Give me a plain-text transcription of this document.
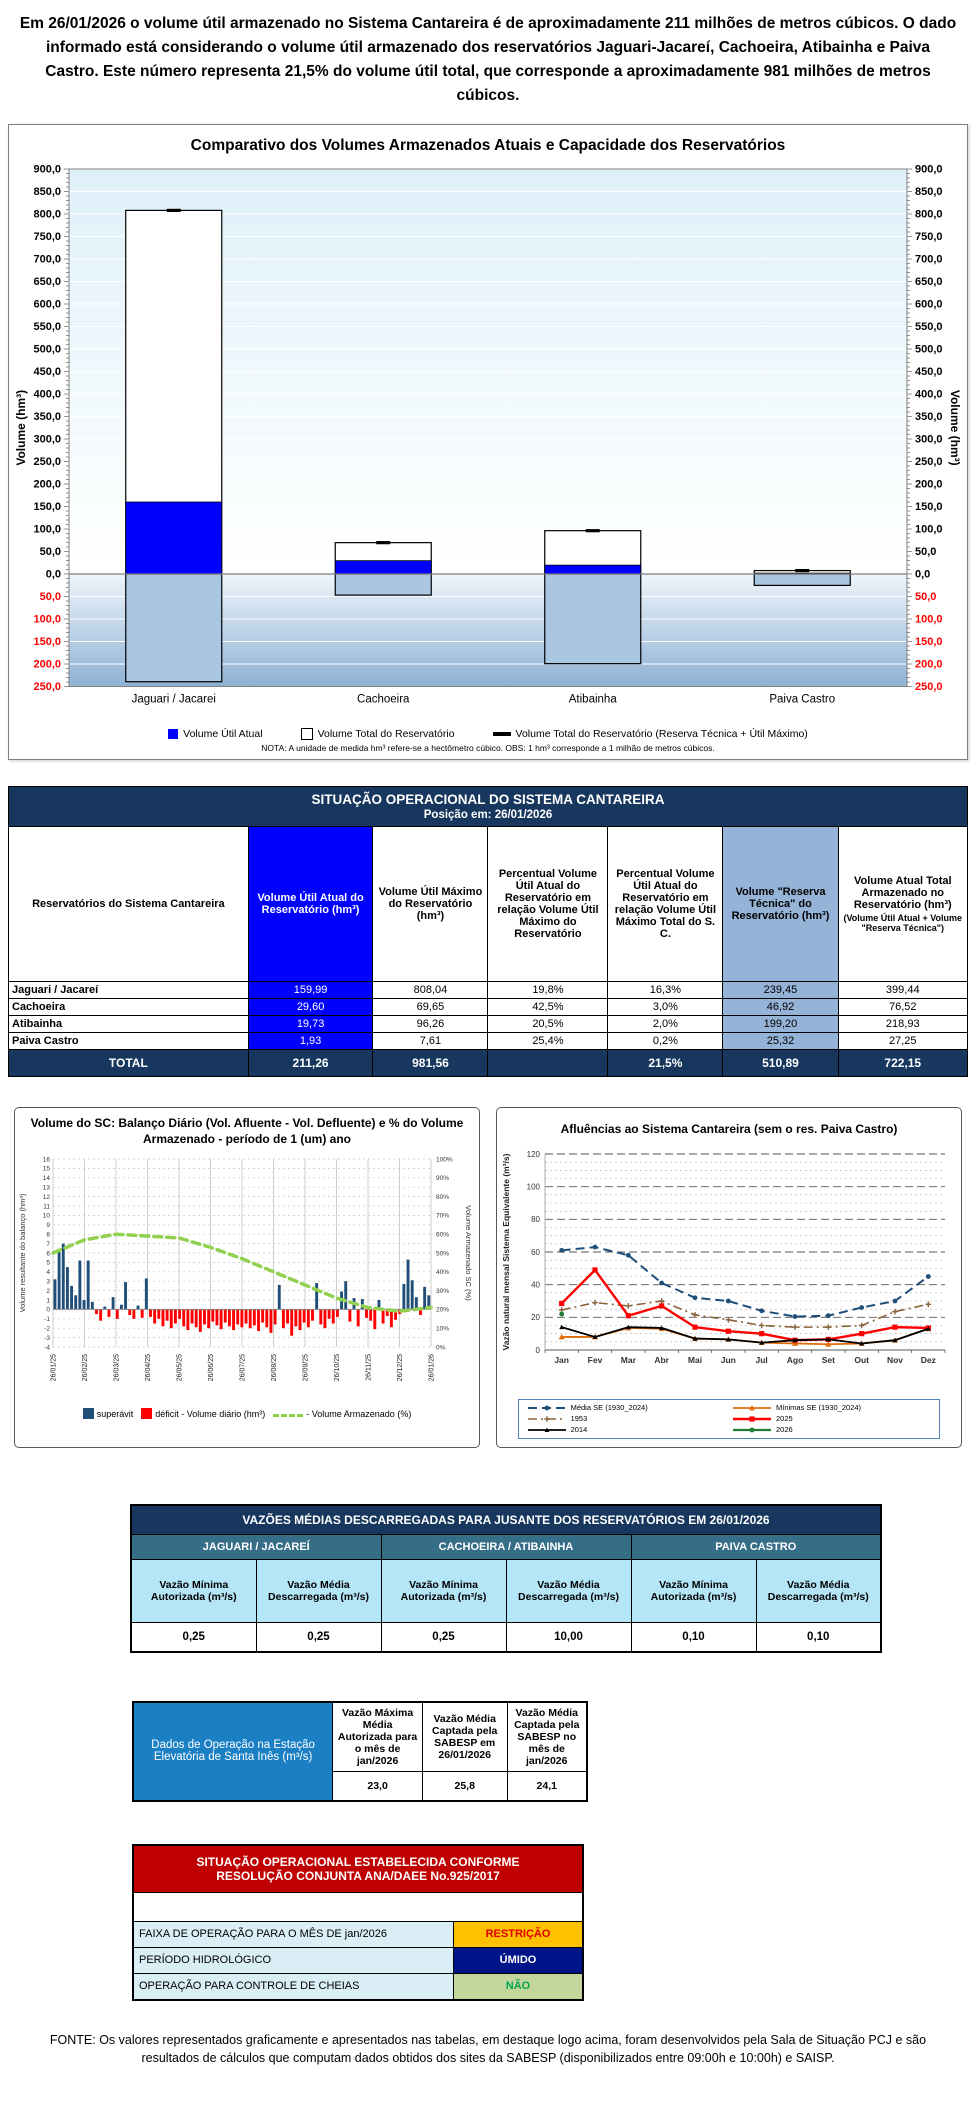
Em 26/01/2026 o volume útil armazenado no Sistema Cantareira é de aproximadamente 211 milhões de metros cúbicos. O dado informado está considerando o volume útil armazenado dos reservatórios Jaguari-Jacareí, Cachoeira, Atibainha e Paiva Castro. Este número representa 21,5% do volume útil total, que corresponde a aproximadamente 981 milhões de metros cúbicos.
Comparativo dos Volumes Armazenados Atuais e Capacidade dos Reservatórios
900,0	900,0
850,0	850,0
800,0	800,0
750,0	750,0
700,0	700,0
650,0	650,0
600,0	600,0
550,0	550,0
500,0	500,0
450,0	450,0
400,0	400,0
350,0	350,0
300,0	300,0
250,0	250,0
200,0	200,0
150,0	150,0
100,0	100,0
50,0	50,0
0,0	0,0
50,0	50,0
100,0	100,0
150,0	150,0
200,0	200,0
250,0	250,0
Jaguari / Jacarei	Cachoeira	Atibainha	Paiva Castro
Volume (hm³)	Volume (hm³)
Volume Útil Atual	Volume Total do Reservatório	Volume Total do Reservatório (Reserva Técnica + Útil Máximo)
NOTA: A unidade de medida hm³ refere-se a hectômetro cúbico. OBS: 1 hm³ corresponde a 1 milhão de metros cúbicos.
SITUAÇÃO OPERACIONAL DO SISTEMA CANTAREIRA
Posição em: 26/01/2026						

Reservatórios do Sistema Cantareira	Volume Útil Atual do Reservatório (hm³)	Volume Útil Máximo do Reservatório (hm³)	Percentual Volume Útil Atual do Reservatório em relação Volume Útil Máximo do Reservatório	Percentual Volume Útil Atual do Reservatório em relação Volume Útil Máximo Total do S. C.	Volume "Reserva Técnica" do Reservatório (hm³)	Volume Atual Total Armazenado no Reservatório (hm³)
(Volume Útil Atual + Volume "Reserva Técnica")

Jaguari / Jacareí	159,99	808,04	19,8%	16,3%	239,45	399,44
Cachoeira	29,60	69,65	42,5%	3,0%	46,92	76,52
Atibainha	19,73	96,26	20,5%	2,0%	199,20	218,93
Paiva Castro	1,93	7,61	25,4%	0,2%	25,32	27,25
TOTAL	211,26	981,56		21,5%	510,89	722,15
Volume do SC: Balanço Diário (Vol. Afluente - Vol. Defluente) e % do Volume Armazenado - período de 1 (um) ano
16
15
14
13
12
11
10
9
8
7
6
5
4
3
2
1
0
-1
-2
-3
-4	0%
10%
20%
30%
40%
50%
60%
70%
80%
90%
100%
26/01/25	26/02/25	26/03/25	26/04/25	26/05/25	26/06/25	26/07/25	26/08/25	26/09/25	26/10/25	26/11/25	26/12/25	26/01/26
Volume resultante do balanço (hm³)	Volume Armazenado SC (%)
superávit	déficit - Volume diário (hm³)	- Volume Armazenado (%)
Afluências ao Sistema Cantareira (sem o res. Paiva Castro)
0
20
40
60
80
100
120
Jan Fev Mar Abr Mai Jun Jul Ago Set Out Nov Dez
Vazão natural mensal Sistema Equivalente (m³/s)
Média SE (1930_2024)	Mínimas SE (1930_2024)
1953	2025
2014	2026
VAZÕES MÉDIAS DESCARREGADAS PARA JUSANTE DOS RESERVATÓRIOS EM 26/01/2026					
JAGUARI / JACAREÍ		CACHOEIRA / ATIBAINHA		PAIVA CASTRO	
Vazão Mínima Autorizada (m³/s)	Vazão Média Descarregada (m³/s)	Vazão Mínima Autorizada (m³/s)	Vazão Média Descarregada (m³/s)	Vazão Mínima Autorizada (m³/s)	Vazão Média Descarregada (m³/s)
0,25	0,25	0,25	10,00	0,10	0,10
Dados de Operação na Estação Elevatória de Santa Inês (m³/s)	Vazão Máxima Média Autorizada para o mês de jan/2026	Vazão Média Captada pela SABESP em 26/01/2026	Vazão Média Captada pela SABESP no mês de jan/2026
	23,0	25,8	24,1
SITUAÇÃO OPERACIONAL ESTABELECIDA CONFORME
RESOLUÇÃO CONJUNTA ANA/DAEE No.925/2017	

FAIXA DE OPERAÇÃO PARA O MÊS DE jan/2026	RESTRIÇÃO
PERÍODO HIDROLÓGICO	ÚMIDO
OPERAÇÃO PARA CONTROLE DE CHEIAS	NÃO
FONTE: Os valores representados graficamente e apresentados nas tabelas, em destaque logo acima, foram desenvolvidos pela Sala de Situação PCJ e são resultados de cálculos que computam dados obtidos dos sites da SABESP (disponibilizados entre 09:00h e 10:00h) e SAISP.
